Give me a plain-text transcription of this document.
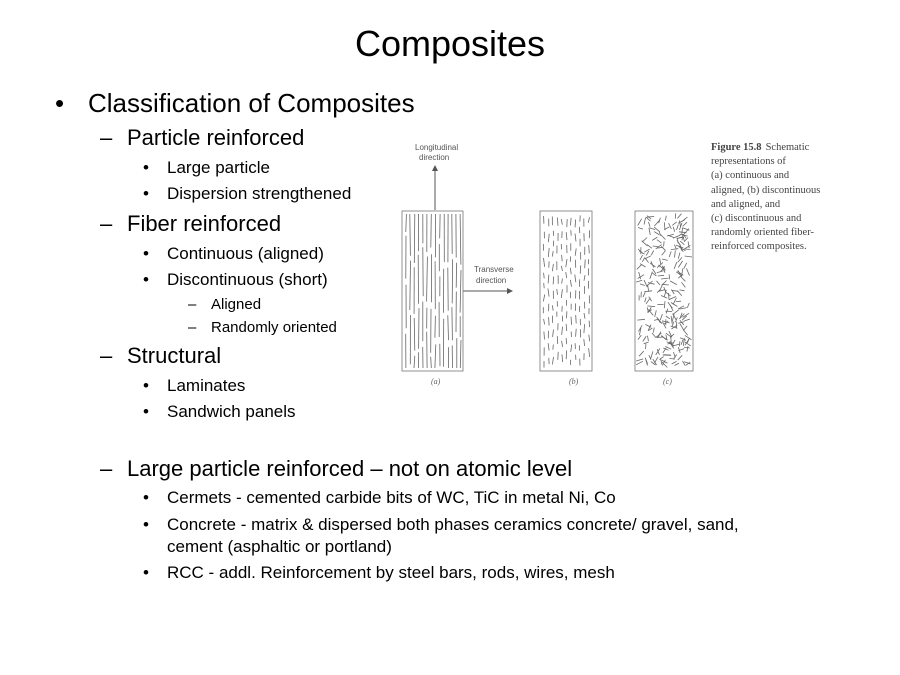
Composites
• Classification of Composites
– Particle reinforced
• Large particle
• Dispersion strengthened
– Fiber reinforced
• Continuous (aligned)
• Discontinuous (short)
– Aligned
– Randomly oriented
– Structural
• Laminates
• Sandwich panels
– Large particle reinforced – not on atomic level
• Cermets - cemented carbide bits of WC, TiC in metal Ni, Co
• Concrete - matrix & dispersed both phases ceramics concrete/ gravel, sand,
cement (asphaltic or portland)
• RCC - addl. Reinforcement by steel bars, rods, wires, mesh
Longitudinal
direction
Transverse
direction
(a)	(b)	(c)
Figure 15.8 Schematic
representations of
(a) continuous and
aligned, (b) discontinuous
and aligned, and
(c) discontinuous and
randomly oriented fiber-
reinforced composites.
